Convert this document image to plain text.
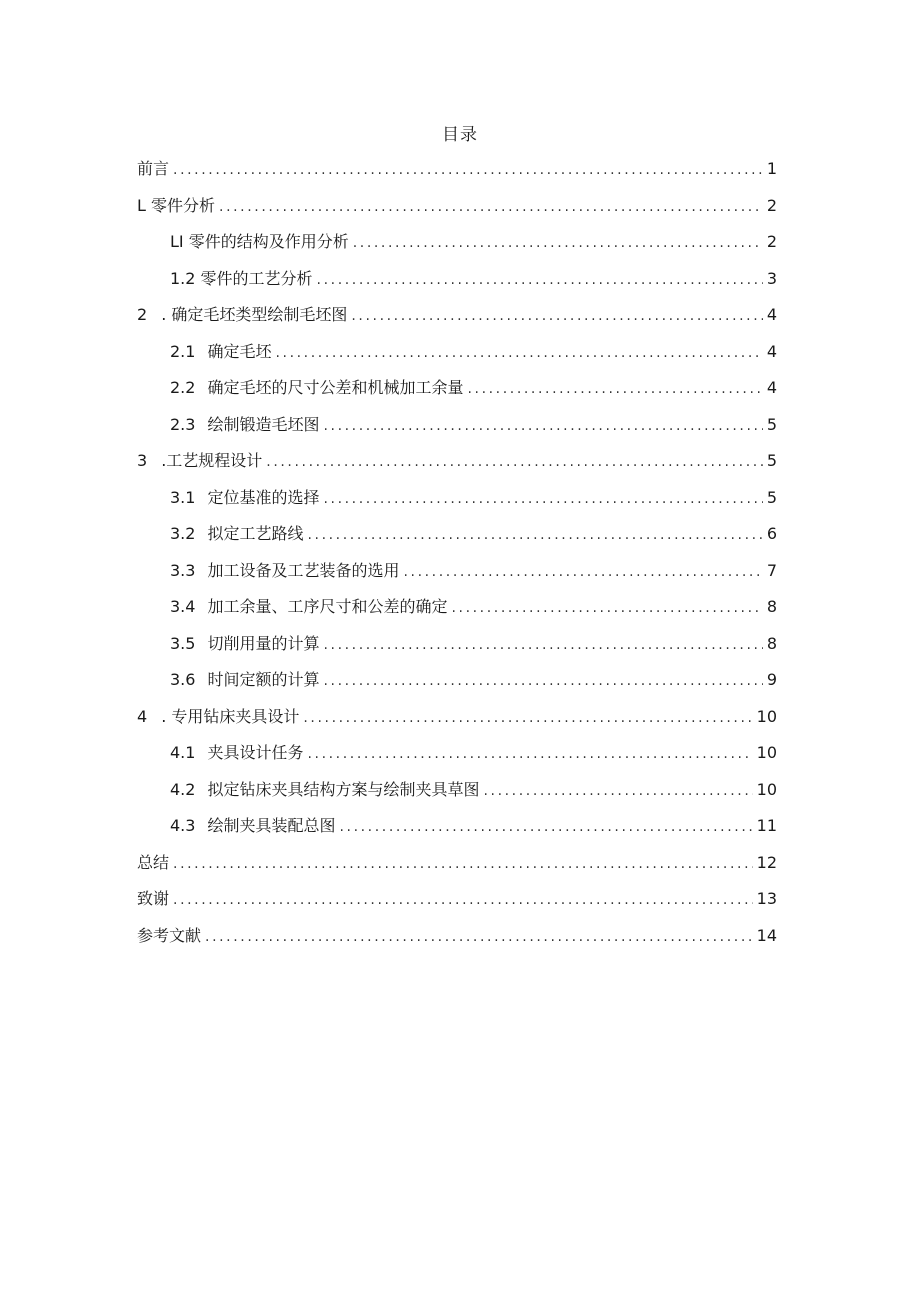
目录
前言 .....	1
L 零件分析 .....	2
LI 零件的结构及作用分析 .....	2
1.2 零件的工艺分析 .....	3
2 . 确定毛坯类型绘制毛坯图 .....	4
2.1 确定毛坯 .....	4
2.2 确定毛坯的尺寸公差和机械加工余量 .....	4
2.3 绘制锻造毛坯图 .....	5
3 .工艺规程设计 .....	5
3.1 定位基准的选择 .....	5
3.2 拟定工艺路线 .....	6
3.3 加工设备及工艺装备的选用 .....	7
3.4 加工余量、工序尺寸和公差的确定 .....	8
3.5 切削用量的计算 .....	8
3.6 时间定额的计算 .....	9
4 . 专用钻床夹具设计 .....	10
4.1 夹具设计任务 .....	10
4.2 拟定钻床夹具结构方案与绘制夹具草图 .....	10
4.3 绘制夹具装配总图 .....	11
总结 .....	12
致谢 .....	13
参考文献 .....	14
